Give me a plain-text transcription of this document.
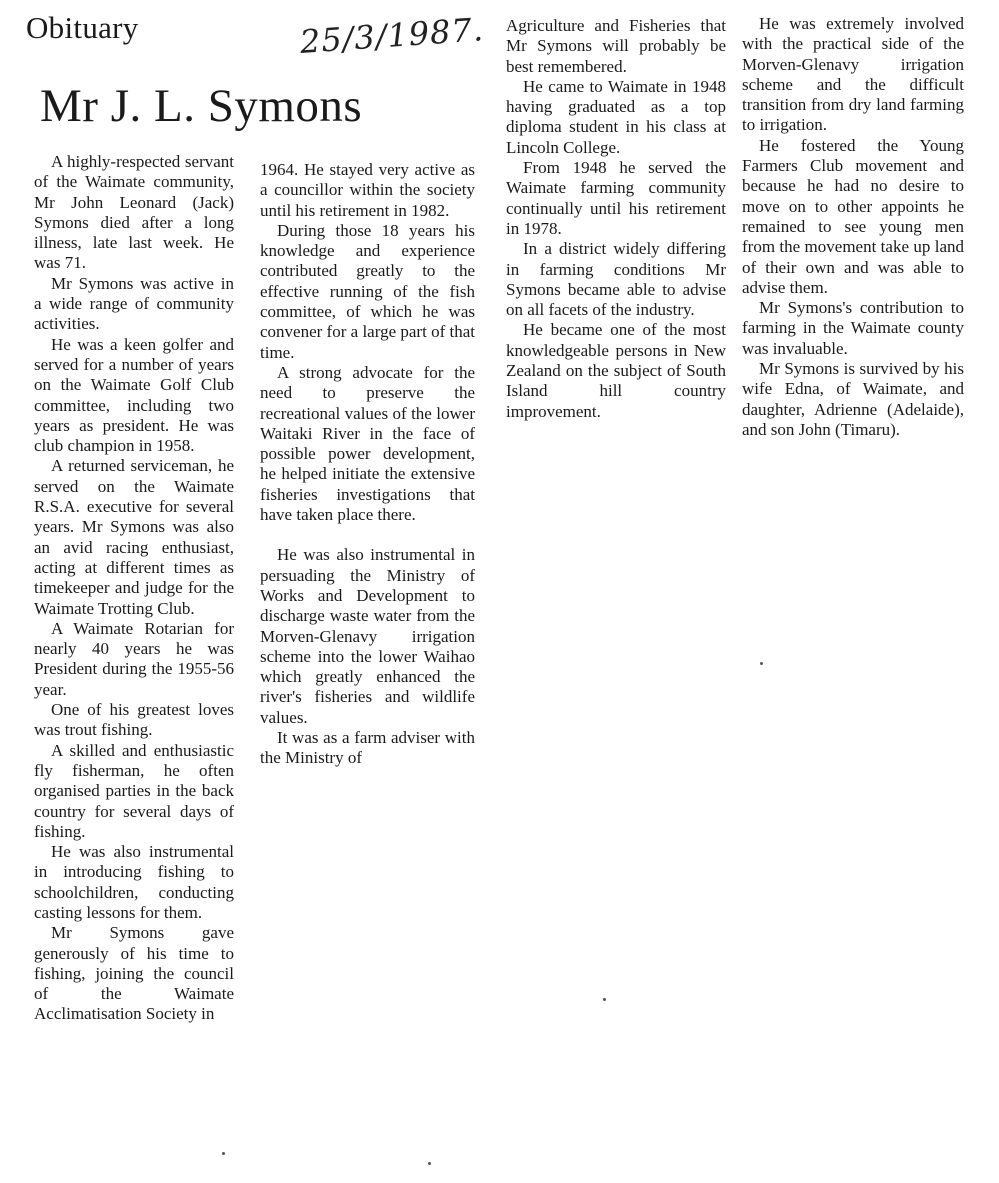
Obituary	25/3/1987.
Mr J. L. Symons

A highly-respected servant of the Waimate community, Mr John Leonard (Jack) Symons died after a long illness, late last week. He was 71.

Mr Symons was active in a wide range of community activities.

He was a keen golfer and served for a number of years on the Waimate Golf Club committee, including two years as president. He was club champion in 1958.

A returned serviceman, he served on the Waimate R.S.A. executive for several years. Mr Symons was also an avid racing enthusiast, acting at different times as timekeeper and judge for the Waimate Trotting Club.

A Waimate Rotarian for nearly 40 years he was President during the 1955-56 year.

One of his greatest loves was trout fishing.

A skilled and enthusiastic fly fisherman, he often organised parties in the back country for several days of fishing.

He was also instrumental in introducing fishing to schoolchildren, conducting casting lessons for them.

Mr Symons gave generously of his time to fishing, joining the council of the Waimate Acclimatisation Society in

1964. He stayed very active as a councillor within the society until his retirement in 1982.

During those 18 years his knowledge and experience contributed greatly to the effective running of the fish committee, of which he was convener for a large part of that time.

A strong advocate for the need to preserve the recreational values of the lower Waitaki River in the face of possible power development, he helped initiate the extensive fisheries investigations that have taken place there.

He was also instrumental in persuading the Ministry of Works and Development to discharge waste water from the Morven-Glenavy irrigation scheme into the lower Waihao which greatly enhanced the river's fisheries and wildlife values.

It was as a farm adviser with the Ministry of

Agriculture and Fisheries that Mr Symons will probably be best remembered.

He came to Waimate in 1948 having graduated as a top diploma student in his class at Lincoln College.

From 1948 he served the Waimate farming community continually until his retirement in 1978.

In a district widely differing in farming conditions Mr Symons became able to advise on all facets of the industry.

He became one of the most knowledgeable persons in New Zealand on the subject of South Island hill country improvement.

He was extremely involved with the practical side of the Morven-Glenavy irrigation scheme and the difficult transition from dry land farming to irrigation.

He fostered the Young Farmers Club movement and because he had no desire to move on to other appoints he remained to see young men from the movement take up land of their own and was able to advise them.

Mr Symons's contribution to farming in the Waimate county was invaluable.

Mr Symons is survived by his wife Edna, of Waimate, and daughter, Adrienne (Adelaide), and son John (Timaru).
